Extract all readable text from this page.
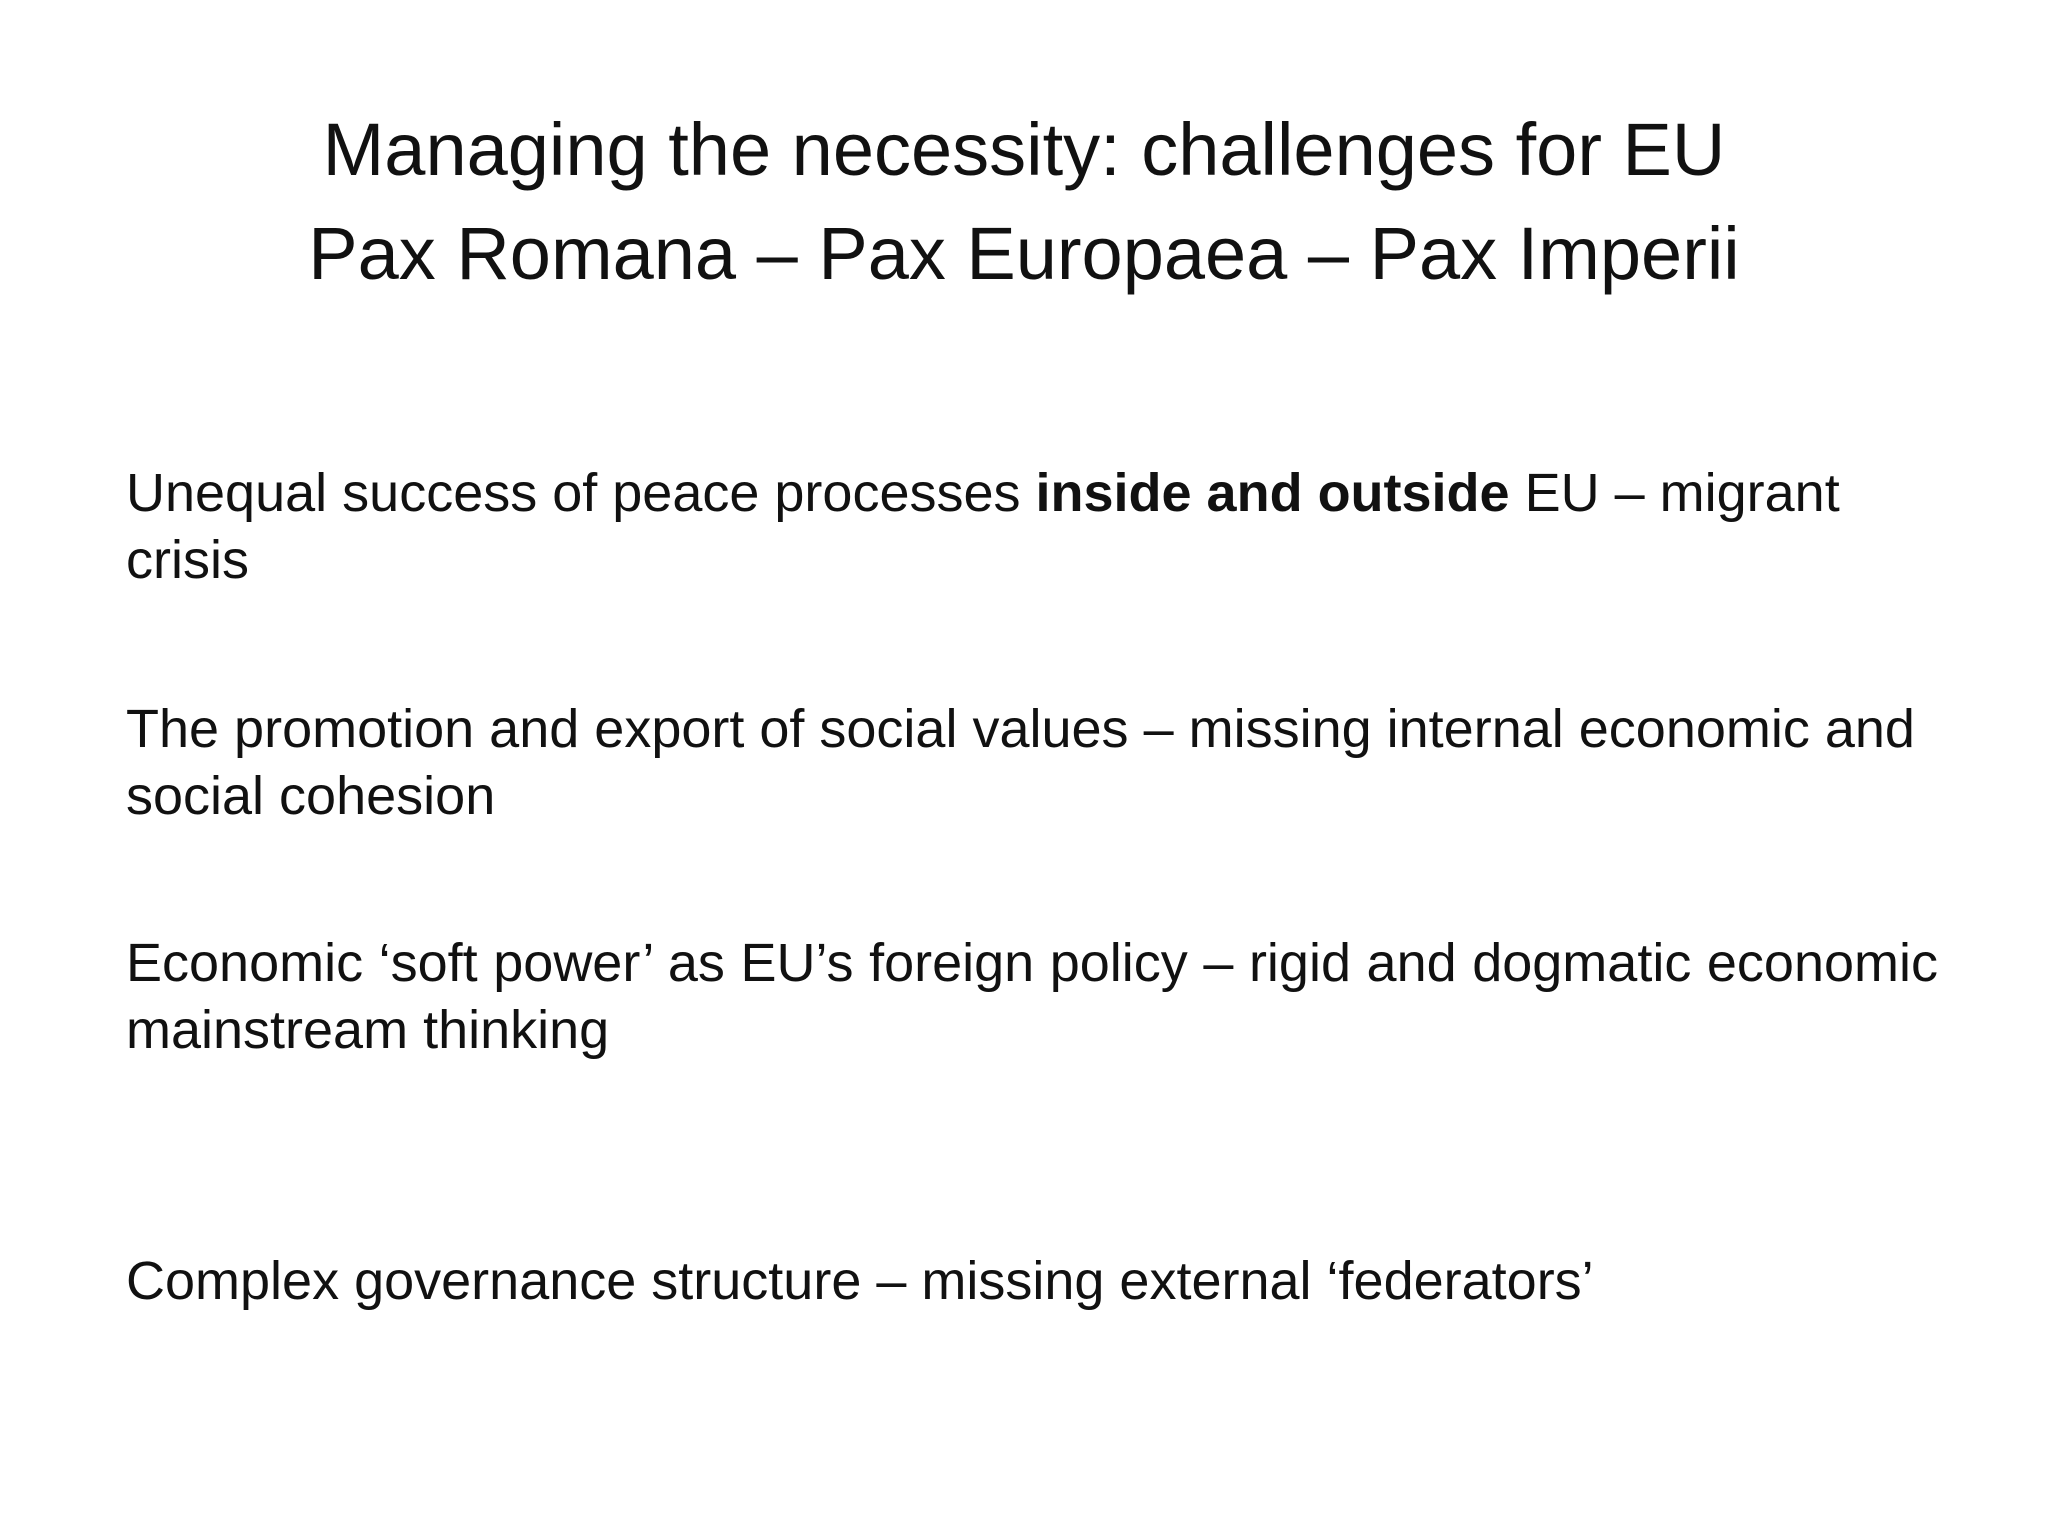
Managing the necessity: challenges for EU
Pax Romana – Pax Europaea – Pax Imperii
Unequal success of peace processes inside and outside EU – migrant crisis
The promotion and export of social values – missing internal economic and social cohesion
Economic ‘soft power’ as EU’s foreign policy – rigid and dogmatic economic mainstream thinking
Complex governance structure – missing external ‘federators’
